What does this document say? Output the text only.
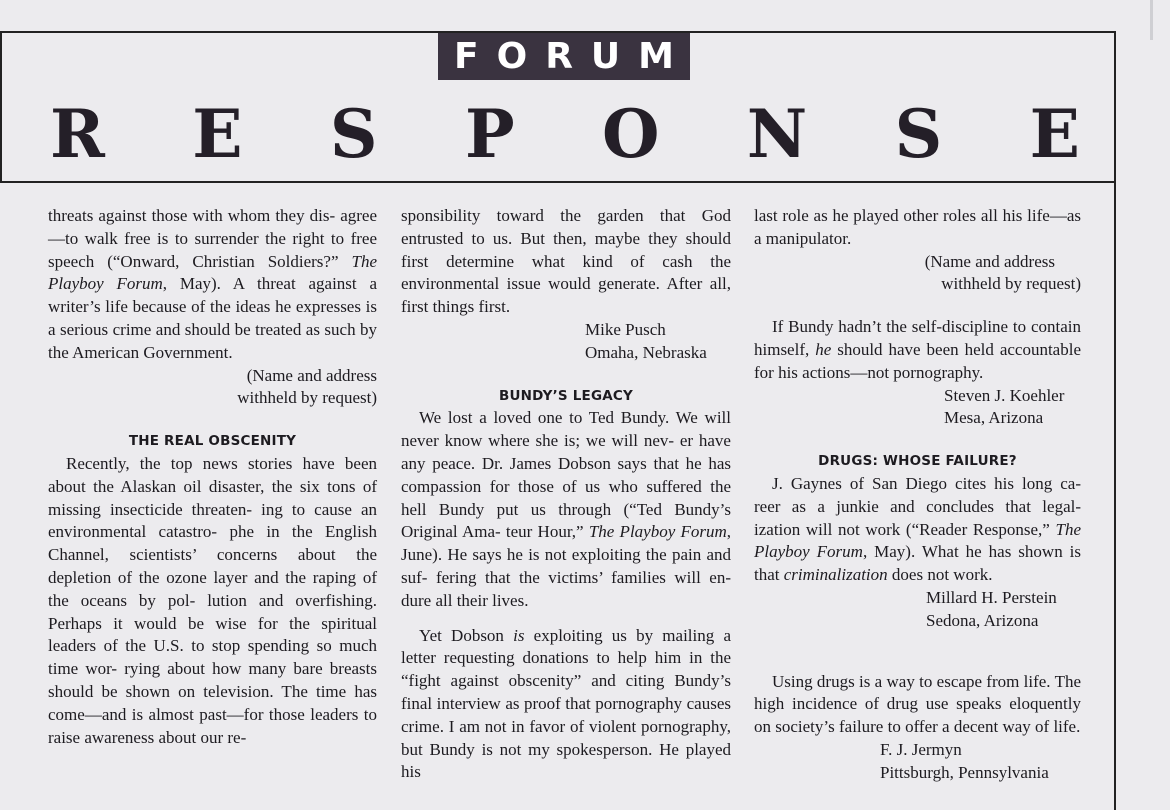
FORUM
R E S P O N S E

threats against those with whom they dis- agree—to walk free is to surrender the right to free speech (“Onward, Christian Soldiers?” The Playboy Forum, May). A threat against a writer’s life because of the ideas he expresses is a serious crime and should be treated as such by the American Government.

(Name and address
withheld by request)

THE REAL OBSCENITY

Recently, the top news stories have been about the Alaskan oil disaster, the six tons of missing insecticide threaten- ing to cause an environmental catastro- phe in the English Channel, scientists’ concerns about the depletion of the ozone layer and the raping of the oceans by pol- lution and overfishing. Perhaps it would be wise for the spiritual leaders of the U.S. to stop spending so much time wor- rying about how many bare breasts should be shown on television. The time has come—and is almost past—for those leaders to raise awareness about our re-

sponsibility toward the garden that God entrusted to us. But then, maybe they should first determine what kind of cash the environmental issue would generate. After all, first things first.

Mike Pusch
Omaha, Nebraska

BUNDY’S LEGACY

We lost a loved one to Ted Bundy. We will never know where she is; we will nev- er have any peace. Dr. James Dobson says that he has compassion for those of us who suffered the hell Bundy put us through (“Ted Bundy’s Original Ama- teur Hour,” The Playboy Forum, June). He says he is not exploiting the pain and suf- fering that the victims’ families will en- dure all their lives.

Yet Dobson is exploiting us by mailing a letter requesting donations to help him in the “fight against obscenity” and citing Bundy’s final interview as proof that pornography causes crime. I am not in favor of violent pornography, but Bundy is not my spokesperson. He played his

last role as he played other roles all his life—as a manipulator.

(Name and address
withheld by request)

If Bundy hadn’t the self-discipline to contain himself, he should have been held accountable for his actions—not pornography.

Steven J. Koehler
Mesa, Arizona

DRUGS: WHOSE FAILURE?

J. Gaynes of San Diego cites his long ca- reer as a junkie and concludes that legal- ization will not work (“Reader Response,” The Playboy Forum, May). What he has shown is that criminalization does not work.

Millard H. Perstein
Sedona, Arizona

Using drugs is a way to escape from life. The high incidence of drug use speaks eloquently on society’s failure to offer a decent way of life.

F. J. Jermyn
Pittsburgh, Pennsylvania
